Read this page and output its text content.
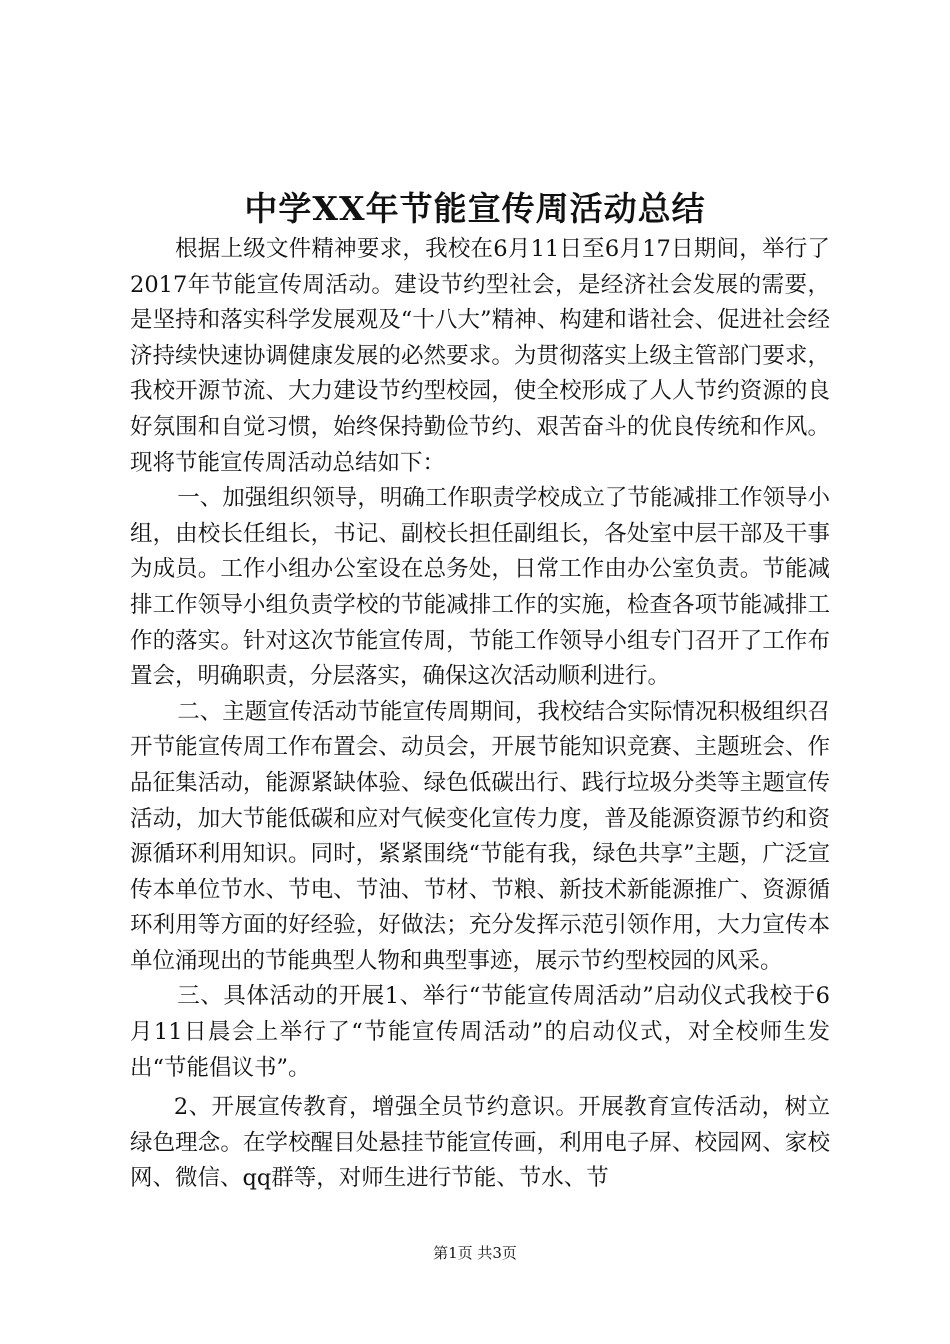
中学XX年节能宣传周活动总结

根据上级文件精神要求，我校在6月11日至6月17日期间，举行了2017年节能宣传周活动。建设节约型社会，是经济社会发展的需要，是坚持和落实科学发展观及“十八大”精神、构建和谐社会、促进社会经济持续快速协调健康发展的必然要求。为贯彻落实上级主管部门要求，我校开源节流、大力建设节约型校园，使全校形成了人人节约资源的良好氛围和自觉习惯，始终保持勤俭节约、艰苦奋斗的优良传统和作风。现将节能宣传周活动总结如下：

一、加强组织领导，明确工作职责学校成立了节能减排工作领导小组，由校长任组长，书记、副校长担任副组长，各处室中层干部及干事为成员。工作小组办公室设在总务处，日常工作由办公室负责。节能减排工作领导小组负责学校的节能减排工作的实施，检查各项节能减排工作的落实。针对这次节能宣传周，节能工作领导小组专门召开了工作布置会，明确职责，分层落实，确保这次活动顺利进行。

二、主题宣传活动节能宣传周期间，我校结合实际情况积极组织召开节能宣传周工作布置会、动员会，开展节能知识竞赛、主题班会、作品征集活动，能源紧缺体验、绿色低碳出行、践行垃圾分类等主题宣传活动，加大节能低碳和应对气候变化宣传力度，普及能源资源节约和资源循环利用知识。同时，紧紧围绕“节能有我，绿色共享”主题，广泛宣传本单位节水、节电、节油、节材、节粮、新技术新能源推广、资源循环利用等方面的好经验，好做法；充分发挥示范引领作用，大力宣传本单位涌现出的节能典型人物和典型事迹，展示节约型校园的风采。

三、具体活动的开展1、举行“节能宣传周活动”启动仪式我校于6月11日晨会上举行了“节能宣传周活动”的启动仪式，对全校师生发出“节能倡议书”。

2、开展宣传教育，增强全员节约意识。开展教育宣传活动，树立绿色理念。在学校醒目处悬挂节能宣传画，利用电子屏、校园网、家校网、微信、qq群等，对师生进行节能、节水、节

第1页 共3页
